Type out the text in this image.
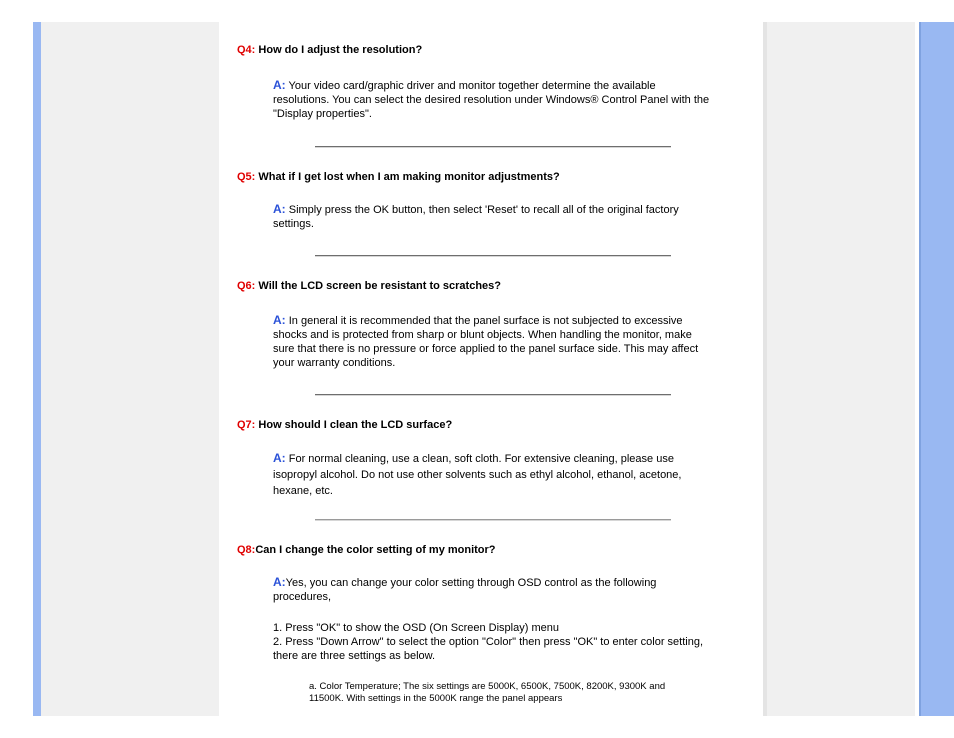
Q4: How do I adjust the resolution?
A: Your video card/graphic driver and monitor together determine the available resolutions. You can select the desired resolution under Windows® Control Panel with the "Display properties".
Q5: What if I get lost when I am making monitor adjustments?
A: Simply press the OK button, then select 'Reset' to recall all of the original factory settings.
Q6: Will the LCD screen be resistant to scratches?
A: In general it is recommended that the panel surface is not subjected to excessive shocks and is protected from sharp or blunt objects. When handling the monitor, make sure that there is no pressure or force applied to the panel surface side. This may affect your warranty conditions.
Q7: How should I clean the LCD surface?
A: For normal cleaning, use a clean, soft cloth. For extensive cleaning, please use isopropyl alcohol. Do not use other solvents such as ethyl alcohol, ethanol, acetone, hexane, etc.
Q8:Can I change the color setting of my monitor?
A:Yes, you can change your color setting through OSD control as the following procedures,
1. Press "OK" to show the OSD (On Screen Display) menu
2. Press "Down Arrow" to select the option "Color" then press "OK" to enter color setting, there are three settings as below.
a. Color Temperature; The six settings are 5000K, 6500K, 7500K, 8200K, 9300K and 11500K. With settings in the 5000K range the panel appears
